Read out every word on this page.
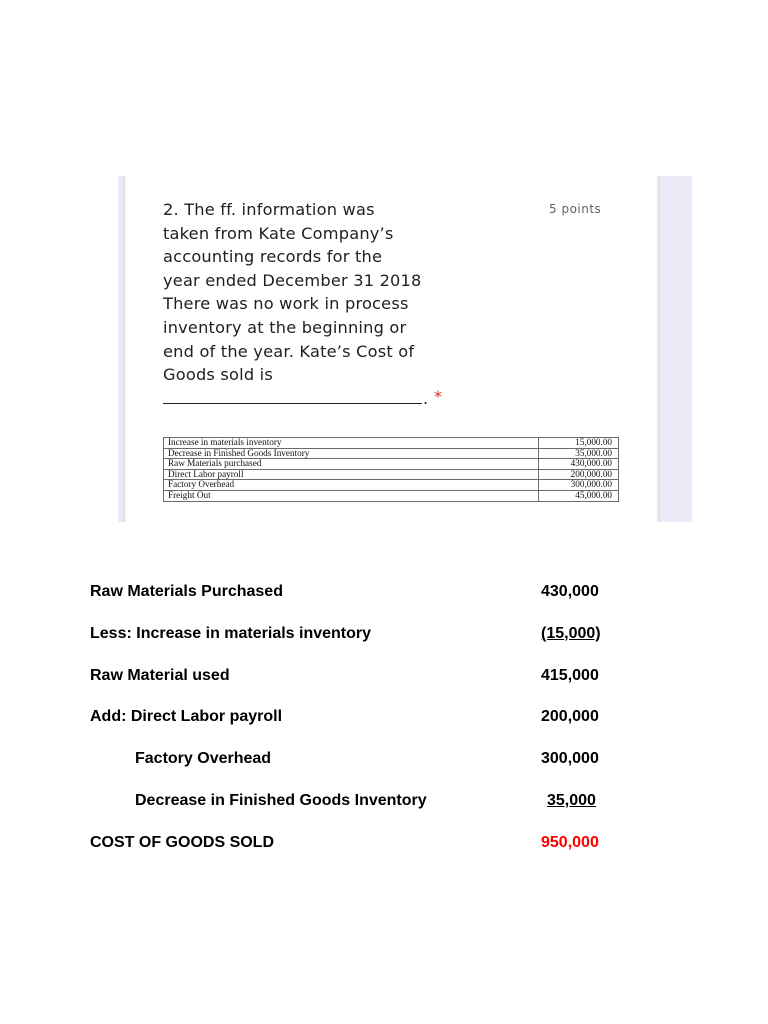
2. The ff. information was
taken from Kate Company’s
accounting records for the
year ended December 31 2018
There was no work in process
inventory at the beginning or
end of the year. Kate’s Cost of
Goods sold is
5 points
. *
Increase in materials inventory	15,000.00
Decrease in Finished Goods Inventory	35,000.00
Raw Materials purchased	430,000.00
Direct Labor payroll	200,000.00
Factory Overhead	300,000.00
Freight Out	45,000.00
Raw Materials Purchased	430,000
Less: Increase in materials inventory	(15,000)
Raw Material used	415,000
Add: Direct Labor payroll	200,000
Factory Overhead	300,000
Decrease in Finished Goods Inventory	35,000
COST OF GOODS SOLD	950,000
